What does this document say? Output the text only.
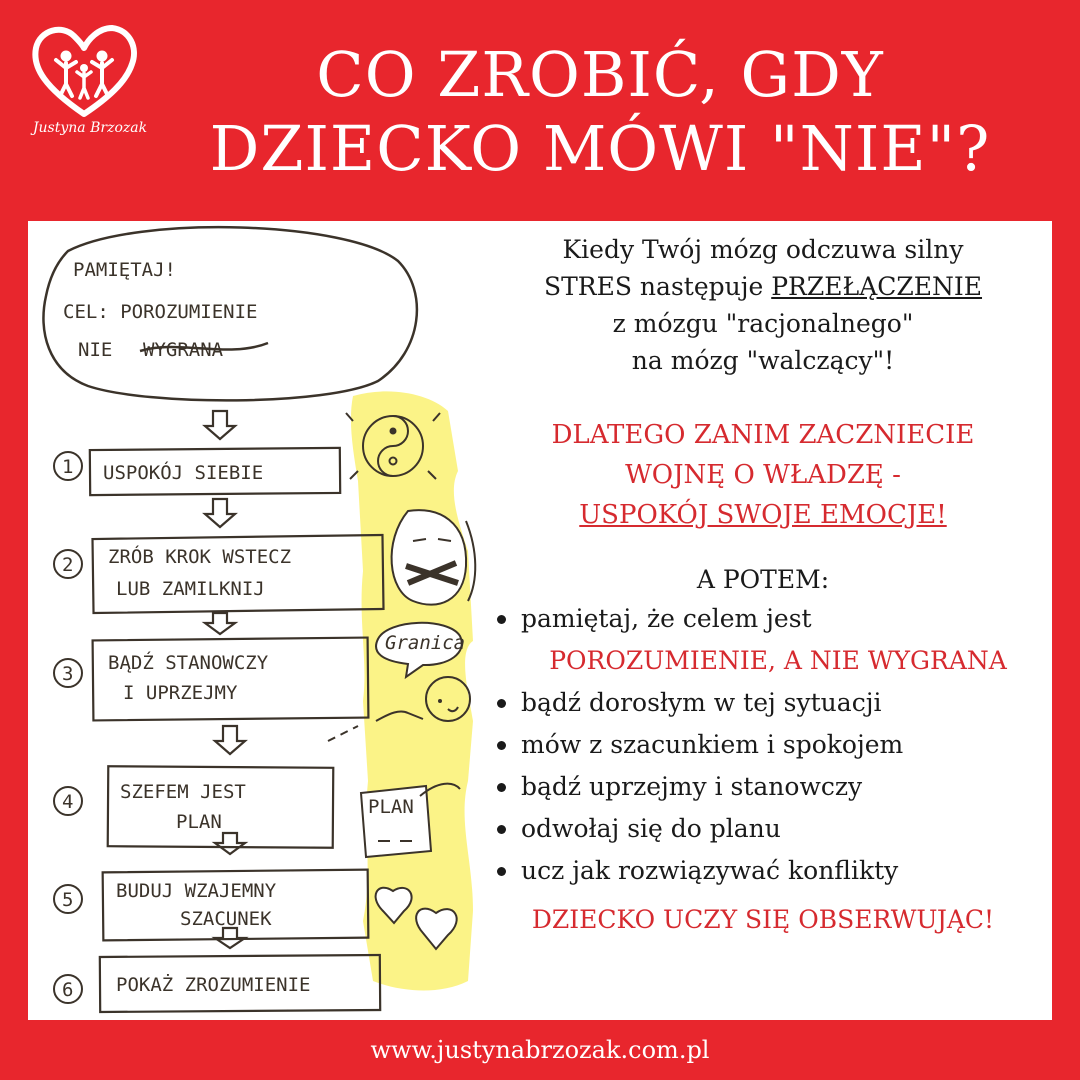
Justyna Brzozak
CO ZROBIĆ, GDY
DZIECKO MÓWI "NIE"?
PAMIĘTAJ!
CEL: POROZUMIENIE
NIE WYGRANA
1 USPOKÓJ SIEBIE
2 ZRÓB KROK WSTECZ
LUB ZAMILKNIJ
3 BĄDŹ STANOWCZY
I UPRZEJMY
Granica
4 SZEFEM JEST
PLAN
PLAN
5 BUDUJ WZAJEMNY
SZACUNEK
6 POKAŻ ZROZUMIENIE
Kiedy Twój mózg odczuwa silny
STRES następuje PRZEŁĄCZENIE
z mózgu "racjonalnego"
na mózg "walczący"!
DLATEGO ZANIM ZACZNIECIE
WOJNĘ O WŁADZĘ -
USPOKÓJ SWOJE EMOCJE!
A POTEM:
pamiętaj, że celem jest
POROZUMIENIE, A NIE WYGRANA
bądź dorosłym w tej sytuacji
mów z szacunkiem i spokojem
bądź uprzejmy i stanowczy
odwołaj się do planu
ucz jak rozwiązywać konflikty
DZIECKO UCZY SIĘ OBSERWUJĄC!
www.justynabrzozak.com.pl
